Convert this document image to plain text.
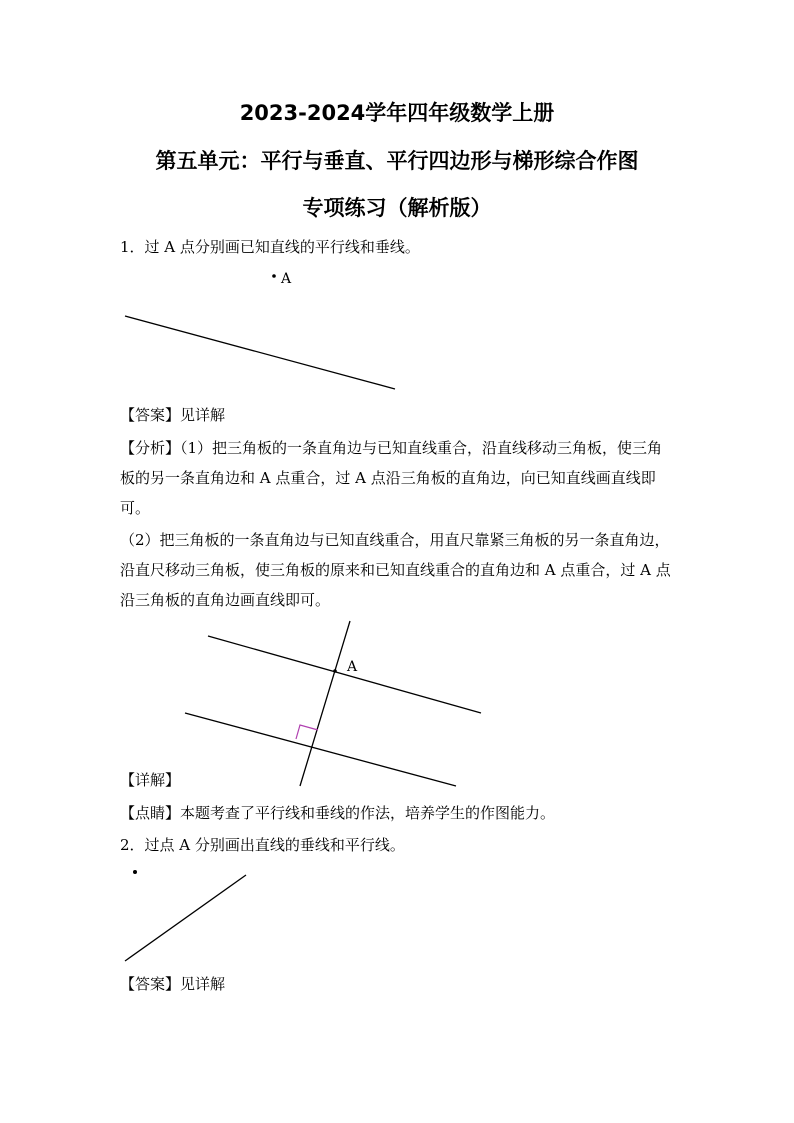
2023-2024学年四年级数学上册
第五单元：平行与垂直、平行四边形与梯形综合作图
专项练习（解析版）
1．过 A 点分别画已知直线的平行线和垂线。
A
【答案】见详解
【分析】（1）把三角板的一条直角边与已知直线重合，沿直线移动三角板，使三角板的另一条直角边和 A 点重合，过 A 点沿三角板的直角边，向已知直线画直线即可。
（2）把三角板的一条直角边与已知直线重合，用直尺靠紧三角板的另一条直角边，沿直尺移动三角板，使三角板的原来和已知直线重合的直角边和 A 点重合，过 A 点沿三角板的直角边画直线即可。
A
【详解】
【点睛】本题考查了平行线和垂线的作法，培养学生的作图能力。
2．过点 A 分别画出直线的垂线和平行线。
【答案】见详解
